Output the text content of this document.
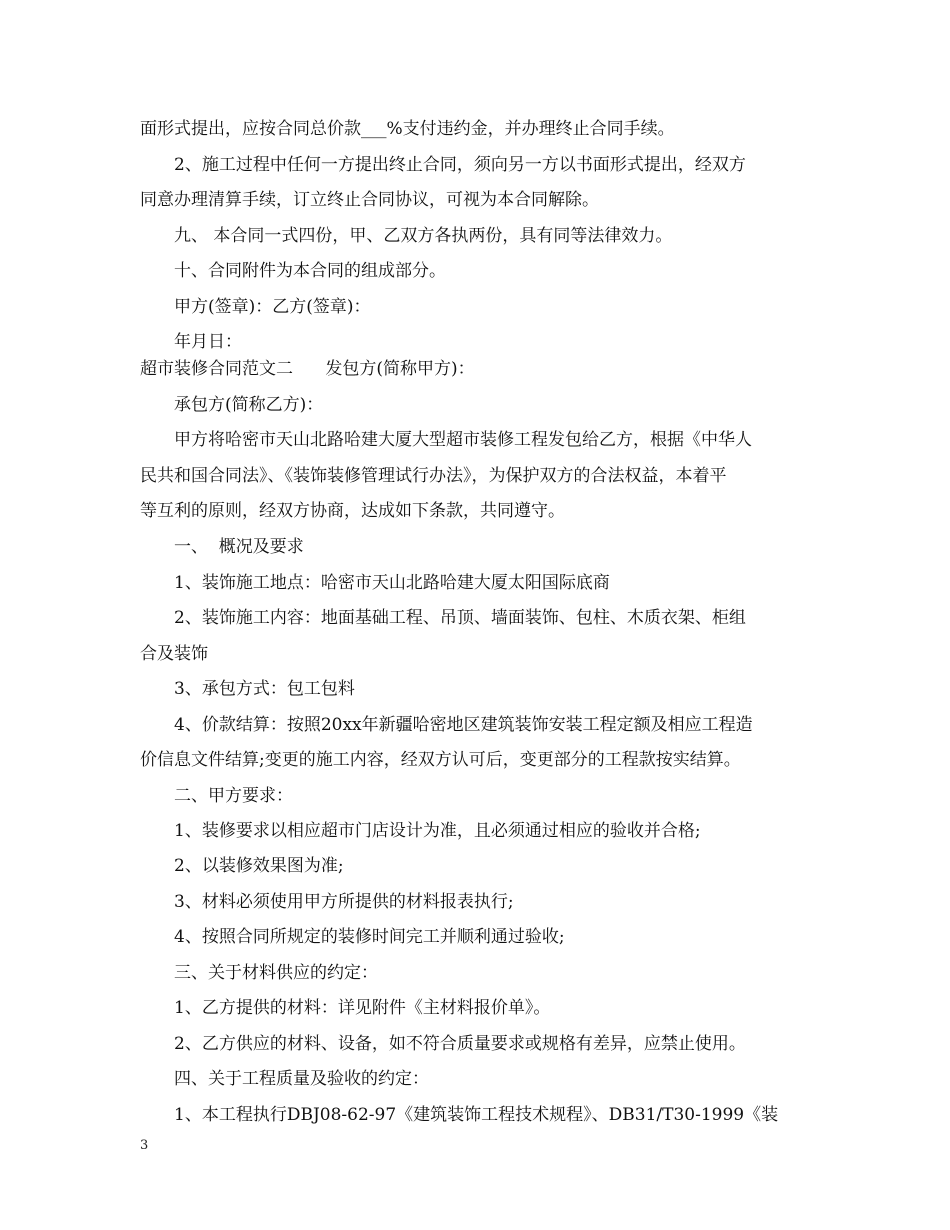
面形式提出，应按合同总价款___%支付违约金，并办理终止合同手续。
2、施工过程中任何一方提出终止合同，须向另一方以书面形式提出，经双方
同意办理清算手续，订立终止合同协议，可视为本合同解除。
九、 本合同一式四份，甲、乙双方各执两份，具有同等法律效力。
十、合同附件为本合同的组成部分。
甲方(签章)：乙方(签章)：
年月日：
超市装修合同范文二      发包方(简称甲方)：
承包方(简称乙方)：
甲方将哈密市天山北路哈建大厦大型超市装修工程发包给乙方，根据《中华人
民共和国合同法》、《装饰装修管理试行办法》，为保护双方的合法权益，本着平
等互利的原则，经双方协商，达成如下条款，共同遵守。
一、  概况及要求
1、装饰施工地点：哈密市天山北路哈建大厦太阳国际底商
2、装饰施工内容：地面基础工程、吊顶、墙面装饰、包柱、木质衣架、柜组
合及装饰
3、承包方式：包工包料
4、价款结算：按照20xx年新疆哈密地区建筑装饰安装工程定额及相应工程造
价信息文件结算;变更的施工内容，经双方认可后，变更部分的工程款按实结算。
二、甲方要求：
1、装修要求以相应超市门店设计为准，且必须通过相应的验收并合格;
2、以装修效果图为准;
3、材料必须使用甲方所提供的材料报表执行;
4、按照合同所规定的装修时间完工并顺利通过验收;
三、关于材料供应的约定：
1、乙方提供的材料：详见附件《主材料报价单》。
2、乙方供应的材料、设备，如不符合质量要求或规格有差异，应禁止使用。
四、关于工程质量及验收的约定：
1、本工程执行DBJ08-62-97《建筑装饰工程技术规程》、DB31/T30-1999《装
3
